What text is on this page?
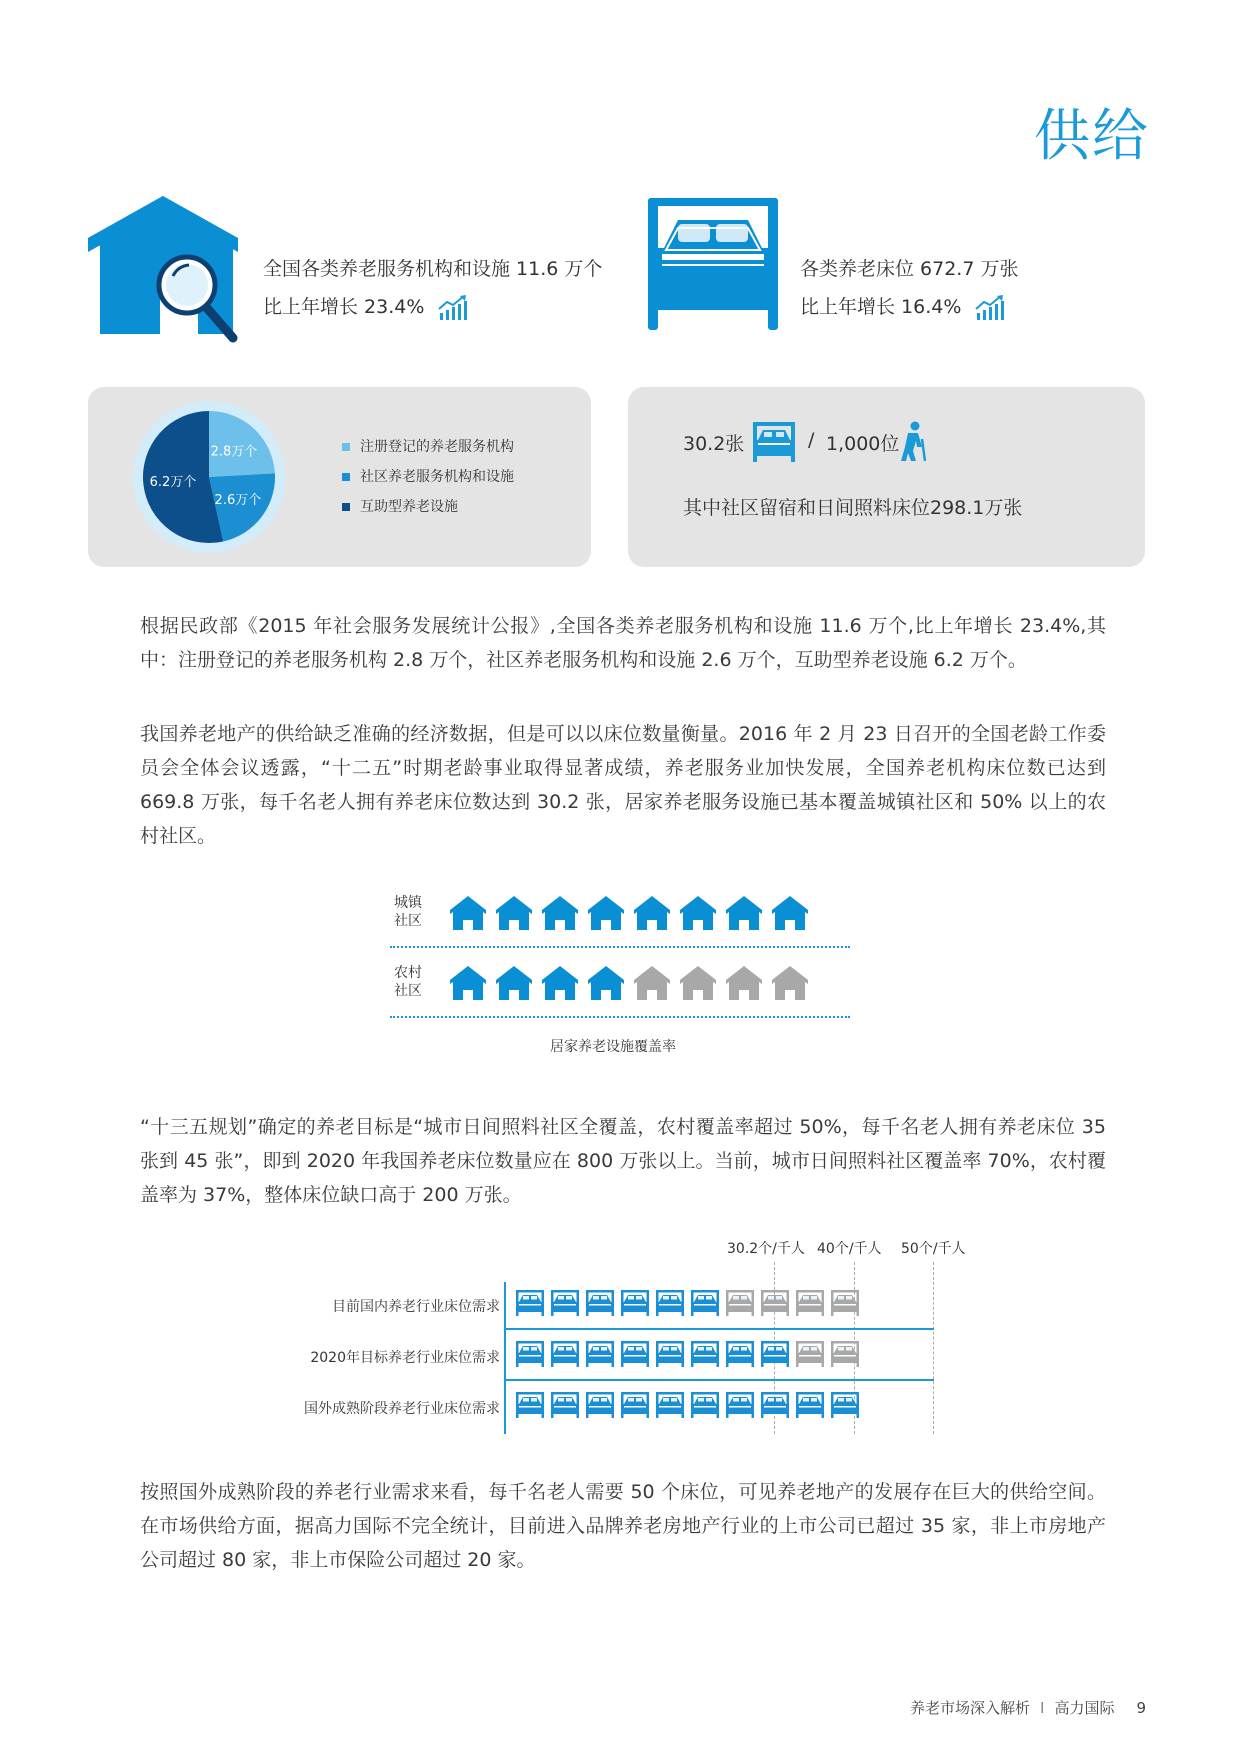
供给
全国各类养老服务机构和设施 11.6 万个
比上年增长 23.4%
各类养老床位 672.7 万张
比上年增长 16.4%
2.8万个
2.6万个
6.2万个
注册登记的养老服务机构
社区养老服务机构和设施
互助型养老设施
30.2张	/ 1,000位
其中社区留宿和日间照料床位298.1万张

根据民政部《2015 年社会服务发展统计公报》,全国各类养老服务机构和设施 11.6 万个,比上年增长 23.4%,其中：注册登记的养老服务机构 2.8 万个，社区养老服务机构和设施 2.6 万个，互助型养老设施 6.2 万个。

我国养老地产的供给缺乏准确的经济数据，但是可以以床位数量衡量。2016 年 2 月 23 日召开的全国老龄工作委员会全体会议透露，“十二五”时期老龄事业取得显著成绩，养老服务业加快发展，全国养老机构床位数已达到 669.8 万张，每千名老人拥有养老床位数达到 30.2 张，居家养老服务设施已基本覆盖城镇社区和 50% 以上的农村社区。

城镇
社区
农村
社区
居家养老设施覆盖率

“十三五规划”确定的养老目标是“城市日间照料社区全覆盖，农村覆盖率超过 50%，每千名老人拥有养老床位 35 张到 45 张”，即到 2020 年我国养老床位数量应在 800 万张以上。当前，城市日间照料社区覆盖率 70%，农村覆盖率为 37%，整体床位缺口高于 200 万张。

30.2个/千人 40个/千人 50个/千人
目前国内养老行业床位需求
2020年目标养老行业床位需求
国外成熟阶段养老行业床位需求

按照国外成熟阶段的养老行业需求来看，每千名老人需要 50 个床位，可见养老地产的发展存在巨大的供给空间。在市场供给方面，据高力国际不完全统计，目前进入品牌养老房地产行业的上市公司已超过 35 家，非上市房地产公司超过 80 家，非上市保险公司超过 20 家。

养老市场深入解析 I 高力国际 9
